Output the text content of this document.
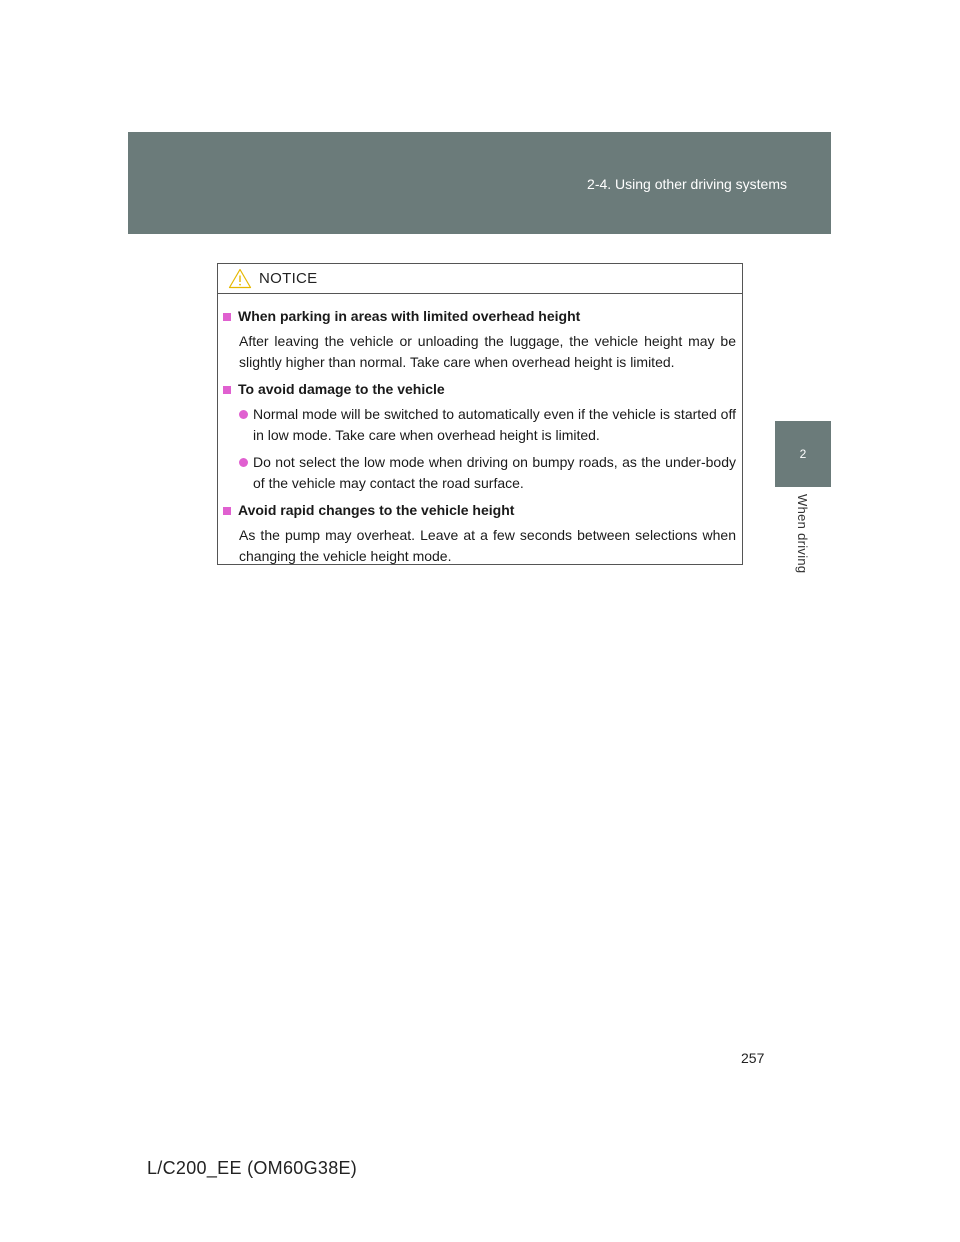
2-4. Using other driving systems
2
When driving
NOTICE
When parking in areas with limited overhead height
After leaving the vehicle or unloading the luggage, the vehicle height may be slightly higher than normal. Take care when overhead height is limited.
To avoid damage to the vehicle
Normal mode will be switched to automatically even if the vehicle is started off in low mode. Take care when overhead height is limited.
Do not select the low mode when driving on bumpy roads, as the under-body of the vehicle may contact the road surface.
Avoid rapid changes to the vehicle height
As the pump may overheat. Leave at a few seconds between selections when changing the vehicle height mode.
257
L/C200_EE (OM60G38E)
